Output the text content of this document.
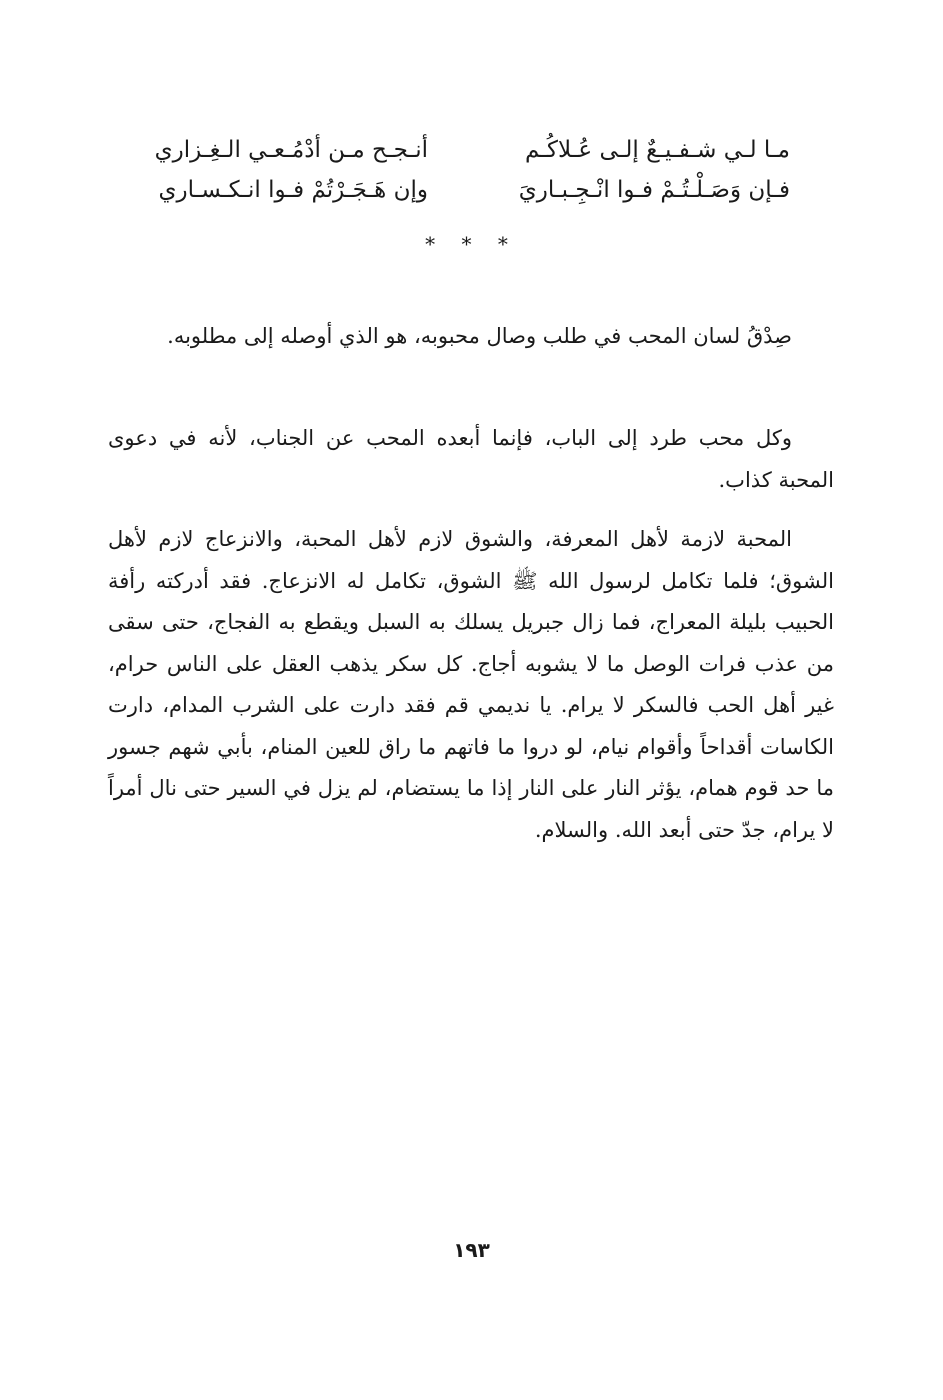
مـا لـي شـفـيـعٌ إلـى عُـلاكُـم
أنـجـح مـن أدْمُـعـي الـغِـزاري
فـإن وَصَـلْـتُـمْ فـوا انْـجِـبـاريَ
وإن هَـجَـرْتُمْ فـوا انـكـسـاري
* * *

صِدْقُ لسان المحب في طلب وصال محبوبه، هو الذي أوصله إلى مطلوبه.

وكل محب طرد إلى الباب، فإنما أبعده المحب عن الجناب، لأنه في دعوى المحبة كذاب.

المحبة لازمة لأهل المعرفة، والشوق لازم لأهل المحبة، والانزعاج لازم لأهل الشوق؛ فلما تكامل لرسول الله ﷺ الشوق، تكامل له الانزعاج. فقد أدركته رأفة الحبيب بليلة المعراج، فما زال جبريل يسلك به السبل ويقطع به الفجاج، حتى سقى من عذب فرات الوصل ما لا يشوبه أجاج. كل سكر يذهب العقل على الناس حرام، غير أهل الحب فالسكر لا يرام. يا نديمي قم فقد دارت على الشرب المدام، دارت الكاسات أقداحاً وأقوام نيام، لو دروا ما فاتهم ما راق للعين المنام، بأبي شهم جسور ما حد قوم همام، يؤثر النار على النار إذا ما يستضام، لم يزل في السير حتى نال أمراً لا يرام، جدّ حتى أبعد الله. والسلام.

١٩٣
